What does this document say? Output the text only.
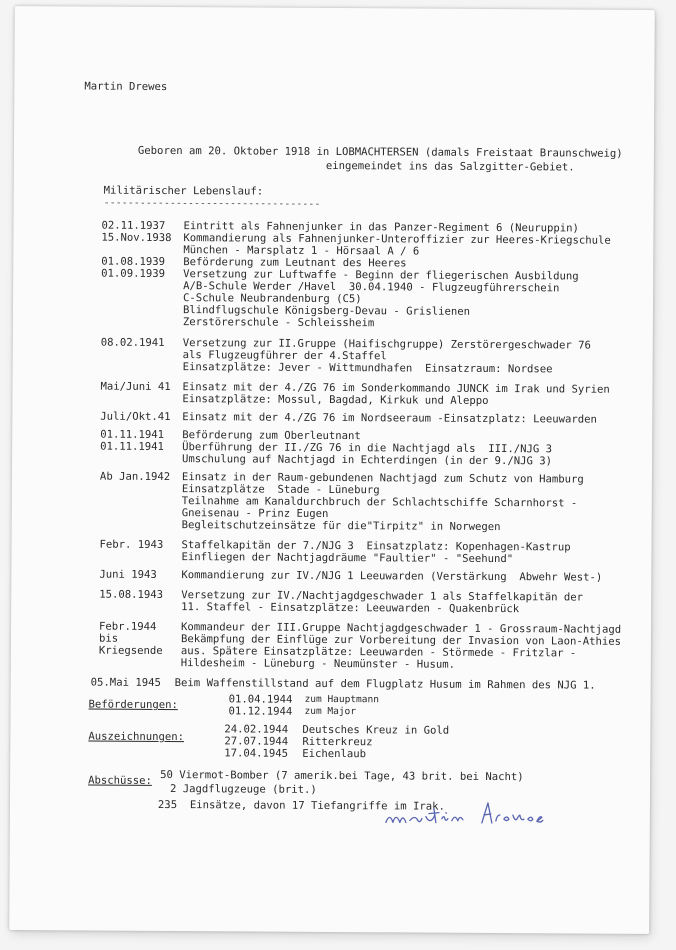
Martin Drewes
Geboren am 20. Oktober 1918 in LOBMACHTERSEN (damals Freistaat Braunschweig)
eingemeindet ins das Salzgitter-Gebiet.
Militärischer Lebenslauf:
------------------------------------
02.11.1937 Eintritt als Fahnenjunker in das Panzer-Regiment 6 (Neuruppin)
15.Nov.1938 Kommandierung als Fahnenjunker-Unteroffizier zur Heeres-Kriegschule
München - Marsplatz 1 - Hörsaal A / 6
01.08.1939 Beförderung zum Leutnant des Heeres
01.09.1939 Versetzung zur Luftwaffe - Beginn der fliegerischen Ausbildung
A/B-Schule Werder /Havel  30.04.1940 - Flugzeugführerschein
C-Schule Neubrandenburg (C5)
Blindflugschule Königsberg-Devau - Grislienen
Zerstörerschule - Schleissheim
08.02.1941 Versetzung zur II.Gruppe (Haifischgruppe) Zerstörergeschwader 76
als Flugzeugführer der 4.Staffel
Einsatzplätze: Jever - Wittmundhafen  Einsatzraum: Nordsee
Mai/Juni 41 Einsatz mit der 4./ZG 76 im Sonderkommando JUNCK im Irak und Syrien
Einsatzplätze: Mossul, Bagdad, Kirkuk und Aleppo
Juli/Okt.41 Einsatz mit der 4./ZG 76 im Nordseeraum -Einsatzplatz: Leeuwarden
01.11.1941 Beförderung zum Oberleutnant
01.11.1941 Überführung der II./ZG 76 in die Nachtjagd als  III./NJG 3
Umschulung auf Nachtjagd in Echterdingen (in der 9./NJG 3)
Ab Jan.1942 Einsatz in der Raum-gebundenen Nachtjagd zum Schutz von Hamburg
Einsatzplätze  Stade - Lüneburg
Teilnahme am Kanaldurchbruch der Schlachtschiffe Scharnhorst -
Gneisenau - Prinz Eugen
Begleitschutzeinsätze für die"Tirpitz" in Norwegen
Febr. 1943 Staffelkapitän der 7./NJG 3  Einsatzplatz: Kopenhagen-Kastrup
Einfliegen der Nachtjagdräume "Faultier" - "Seehund"
Juni 1943 Kommandierung zur IV./NJG 1 Leeuwarden (Verstärkung  Abwehr West-)
15.08.1943 Versetzung zur IV./Nachtjagdgeschwader 1 als Staffelkapitän der
11. Staffel - Einsatzplätze: Leeuwarden - Quakenbrück
Febr.1944
bis
Kriegsende
Kommandeur der III.Gruppe Nachtjagdgeschwader 1 - Grossraum-Nachtjagd
Bekämpfung der Einflüge zur Vorbereitung der Invasion von Laon-Athies
aus. Spätere Einsatzplätze: Leeuwarden - Störmede - Fritzlar -
Hildesheim - Lüneburg - Neumünster - Husum.
05.Mai 1945 Beim Waffenstillstand auf dem Flugplatz Husum im Rahmen des NJG 1.
Beförderungen:	01.04.1944 zum Hauptmann
01.12.1944 zum Major
Auszeichnungen:
24.02.1944 Deutsches Kreuz in Gold
27.07.1944 Ritterkreuz
17.04.1945 Eichenlaub
Abschüsse: 50 Viermot-Bomber (7 amerik.bei Tage, 43 brit. bei Nacht)
2 Jagdflugzeuge (brit.)
235  Einsätze, davon 17 Tiefangriffe im Irak.
